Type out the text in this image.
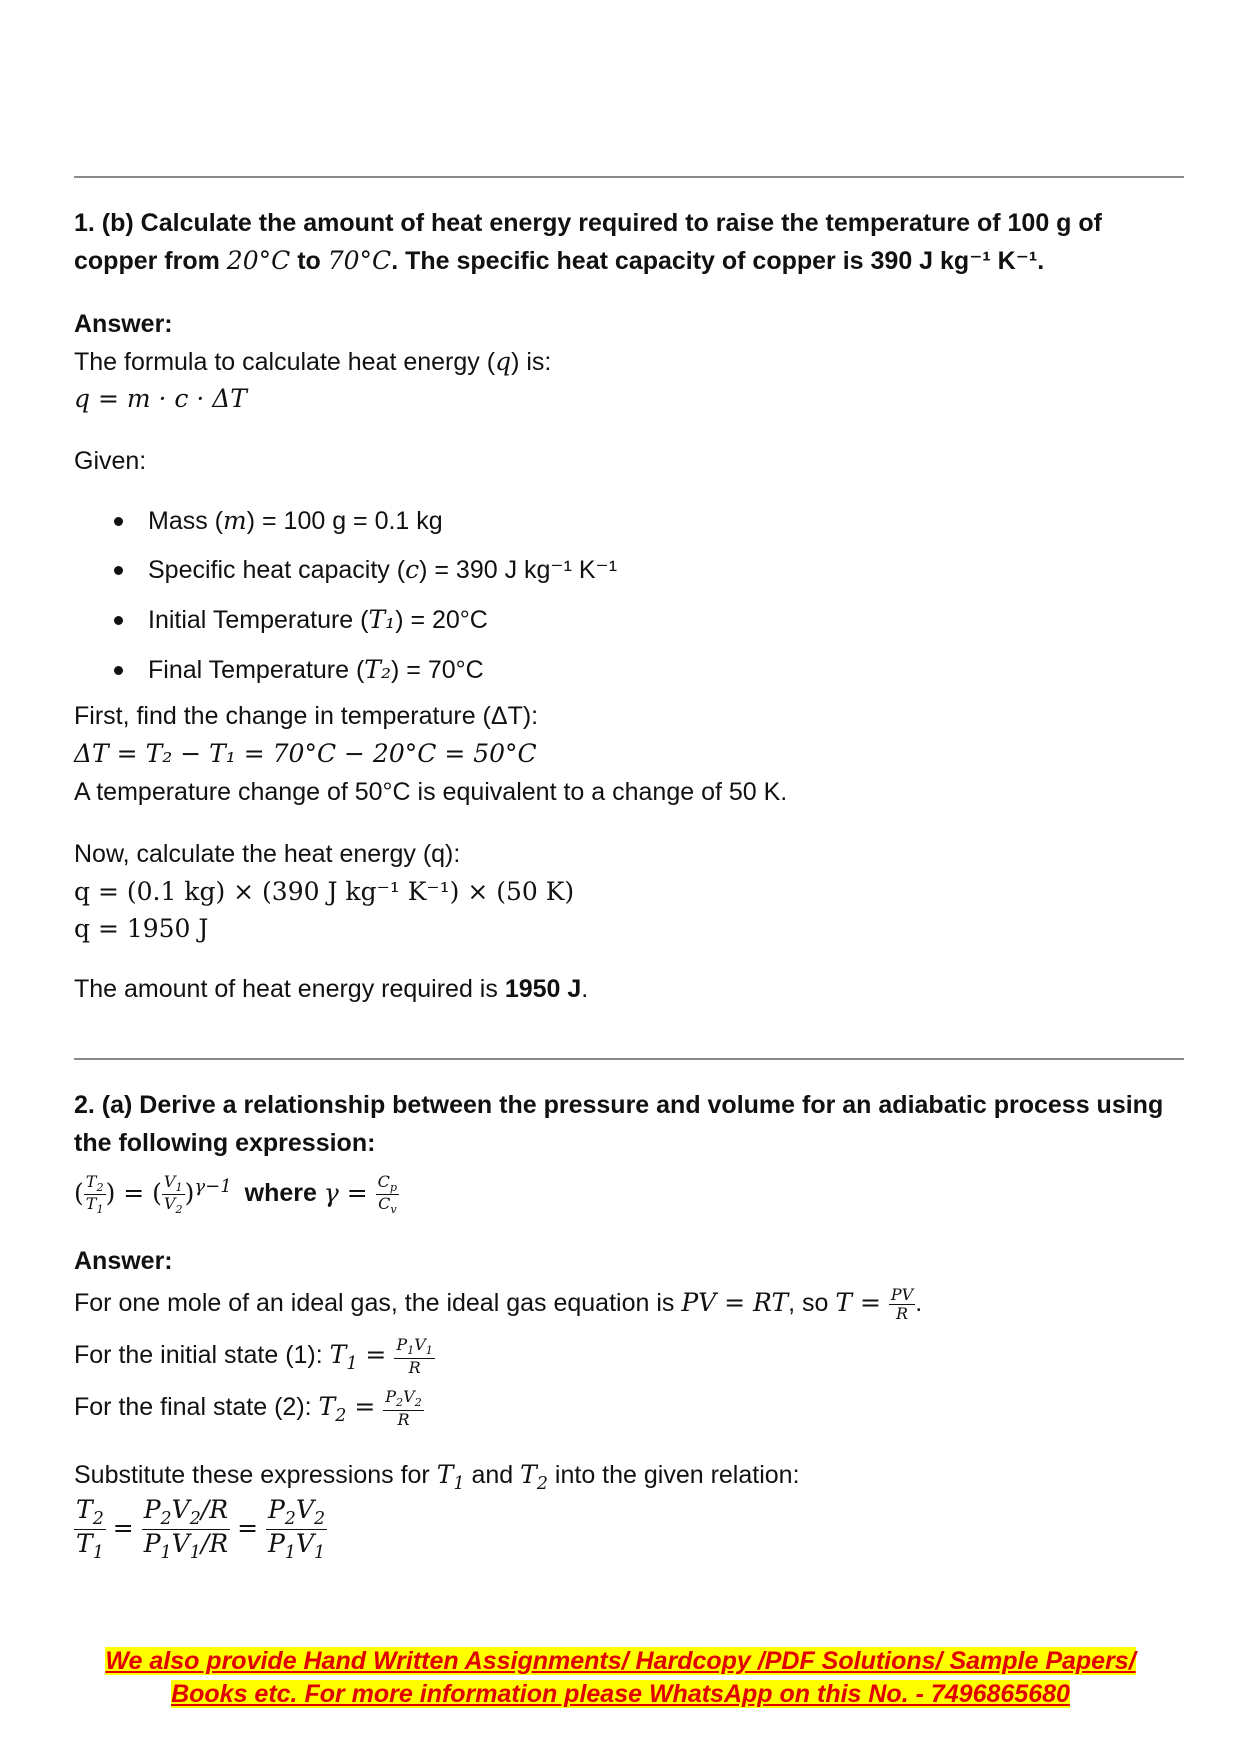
1. (b) Calculate the amount of heat energy required to raise the temperature of 100 g of
copper from 20°C to 70°C. The specific heat capacity of copper is 390 J kg⁻¹ K⁻¹.
Answer:
The formula to calculate heat energy (q) is:
q = m · c · ΔT
Given:
Mass (m) = 100 g = 0.1 kg
Specific heat capacity (c) = 390 J kg⁻¹ K⁻¹
Initial Temperature (T₁) = 20°C
Final Temperature (T₂) = 70°C
First, find the change in temperature (ΔT):
ΔT = T₂ − T₁ = 70°C − 20°C = 50°C
A temperature change of 50°C is equivalent to a change of 50 K.
Now, calculate the heat energy (q):
q = (0.1 kg) × (390 J kg⁻¹ K⁻¹) × (50 K)
q = 1950 J
The amount of heat energy required is 1950 J.
2. (a) Derive a relationship between the pressure and volume for an adiabatic process using
the following expression:
( $\frac{T_2}{T_1}$ ) = ( $\frac{V_1}{V_2} )^{\gamma-1}$ where $\gamma = \frac{C_p}{C_v}$
Answer:
For one mole of an ideal gas, the ideal gas equation is PV = RT, so $T = \frac{PV}{R}$ .
For the initial state (1): $T_1 = \frac{P_1V_1}{R}$
For the final state (2): $T_2 = \frac{P_2V_2}{R}$
Substitute these expressions for $T_1$ and $T_2$ into the given relation:
$\frac{T_2}{T_1} = \frac{P_2V_2/R}{P_1V_1/R} = \frac{P_2V_2}{P_1V_1}$
We also provide Hand Written Assignments/ Hardcopy /PDF Solutions/ Sample Papers/
Books etc. For more information please WhatsApp on this No. - 7496865680
